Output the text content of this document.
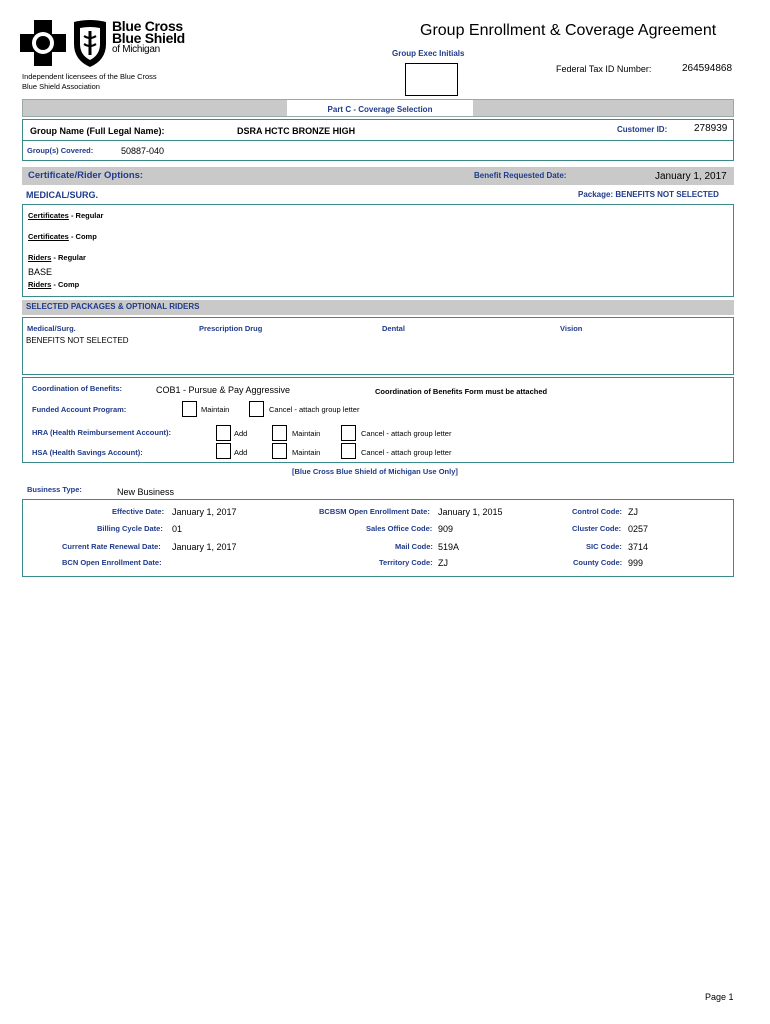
Blue Cross
Blue Shield
of Michigan
Independent licensees of the Blue Cross Blue Shield Association
Group Enrollment & Coverage Agreement
Group Exec Initials
Federal Tax ID Number:	264594868
Part C - Coverage Selection
Group Name (Full Legal Name):	DSRA HCTC BRONZE HIGH	Customer ID:	278939
Group(s) Covered:	50887-040
Certificate/Rider Options:	Benefit Requested Date:	January 1, 2017
MEDICAL/SURG.	Package: BENEFITS NOT SELECTED
Certificates - Regular
Certificates - Comp
Riders - Regular
BASE
Riders - Comp
SELECTED PACKAGES & OPTIONAL RIDERS
Medical/Surg.	Prescription Drug	Dental	Vision
BENEFITS NOT SELECTED
Coordination of Benefits:	COB1 - Pursue & Pay Aggressive	Coordination of Benefits Form must be attached
Funded Account Program:	Maintain	Cancel - attach group letter
HRA (Health Reimbursement Account):	Add	Maintain	Cancel - attach group letter
HSA (Health Savings Account):	Add	Maintain	Cancel - attach group letter
[Blue Cross Blue Shield of Michigan Use Only]
Business Type:	New Business
Effective Date: January 1, 2017
Billing Cycle Date: 01
Current Rate Renewal Date: January 1, 2017
BCN Open Enrollment Date:
BCBSM Open Enrollment Date: January 1, 2015
Sales Office Code: 909
Mail Code: 519A
Territory Code: ZJ
Control Code: ZJ
Cluster Code: 0257
SIC Code: 3714
County Code: 999
Page 1
